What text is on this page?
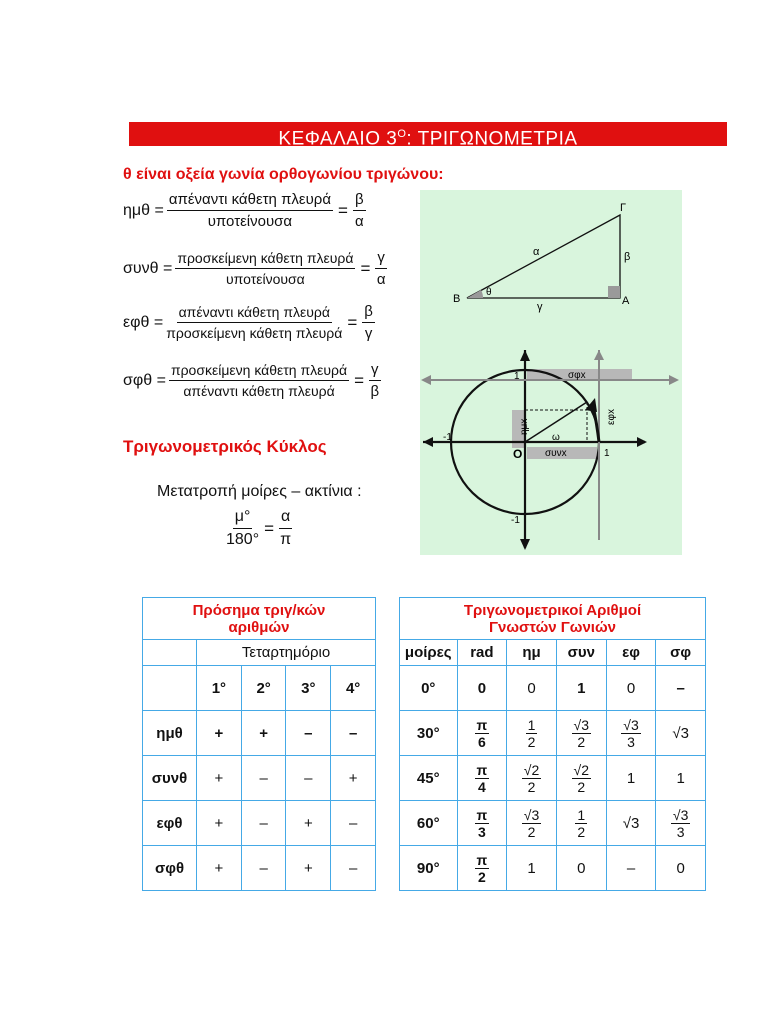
ΚΕΦΑΛΑΙΟ $3^O$: ΤΡΙΓΩΝΟΜΕΤΡΙΑ
θ είναι οξεία γωνία ορθογωνίου τριγώνου:
$\eta\mu\theta = \frac{\text{απέναντι κάθετη πλευρά}}{\text{υποτείνουσα}} = \frac{\beta}{\alpha}$
$\sigma\upsilon\nu\theta = \frac{\text{προσκείμενη κάθετη πλευρά}}{\text{υποτείνουσα}} = \frac{\gamma}{\alpha}$
$\varepsilon\varphi\theta = \frac{\text{απέναντι κάθετη πλευρά}}{\text{προσκείμενη κάθετη πλευρά}} = \frac{\beta}{\gamma}$
$\sigma\varphi\theta = \frac{\text{προσκείμενη κάθετη πλευρά}}{\text{απέναντι κάθετη πλευρά}} = \frac{\gamma}{\beta}$
Τριγωνομετρικός Κύκλος
Μετατροπή μοίρες – ακτίνια :
$\frac{\mu^\circ}{180^\circ} = \frac{\alpha}{\pi}$
Β
Γ
Α
θ
α	β
γ
σφx
ημx
εφx
συνx
ω
O
1
1
-1
-1
Πρόσημα τριγ/κών
αριθμών				
	Τεταρτημόριο			
	1°	2°	3°	4°
ημθ	+	+	–	–
συνθ	+	–	–	+
εφθ	+	–	+	–
σφθ	+	–	+	–
Τριγωνομετρικοί Αριθμοί
Γνωστών Γωνιών					
μοίρες	rad	ημ	συν	εφ	σφ
0°	0	0	1	0	–
30°	$\frac{\pi}{6}$	$\frac{1}{2}$	$\frac{√3}{2}$	$\frac{√3}{3}$	√3
45°	$\frac{\pi}{4}$	$\frac{√2}{2}$	$\frac{√2}{2}$	1	1
60°	$\frac{\pi}{3}$	$\frac{√3}{2}$	$\frac{1}{2}$	√3	$\frac{√3}{3}$

90°	$\frac{\pi}{2}$	1	0	–	0
